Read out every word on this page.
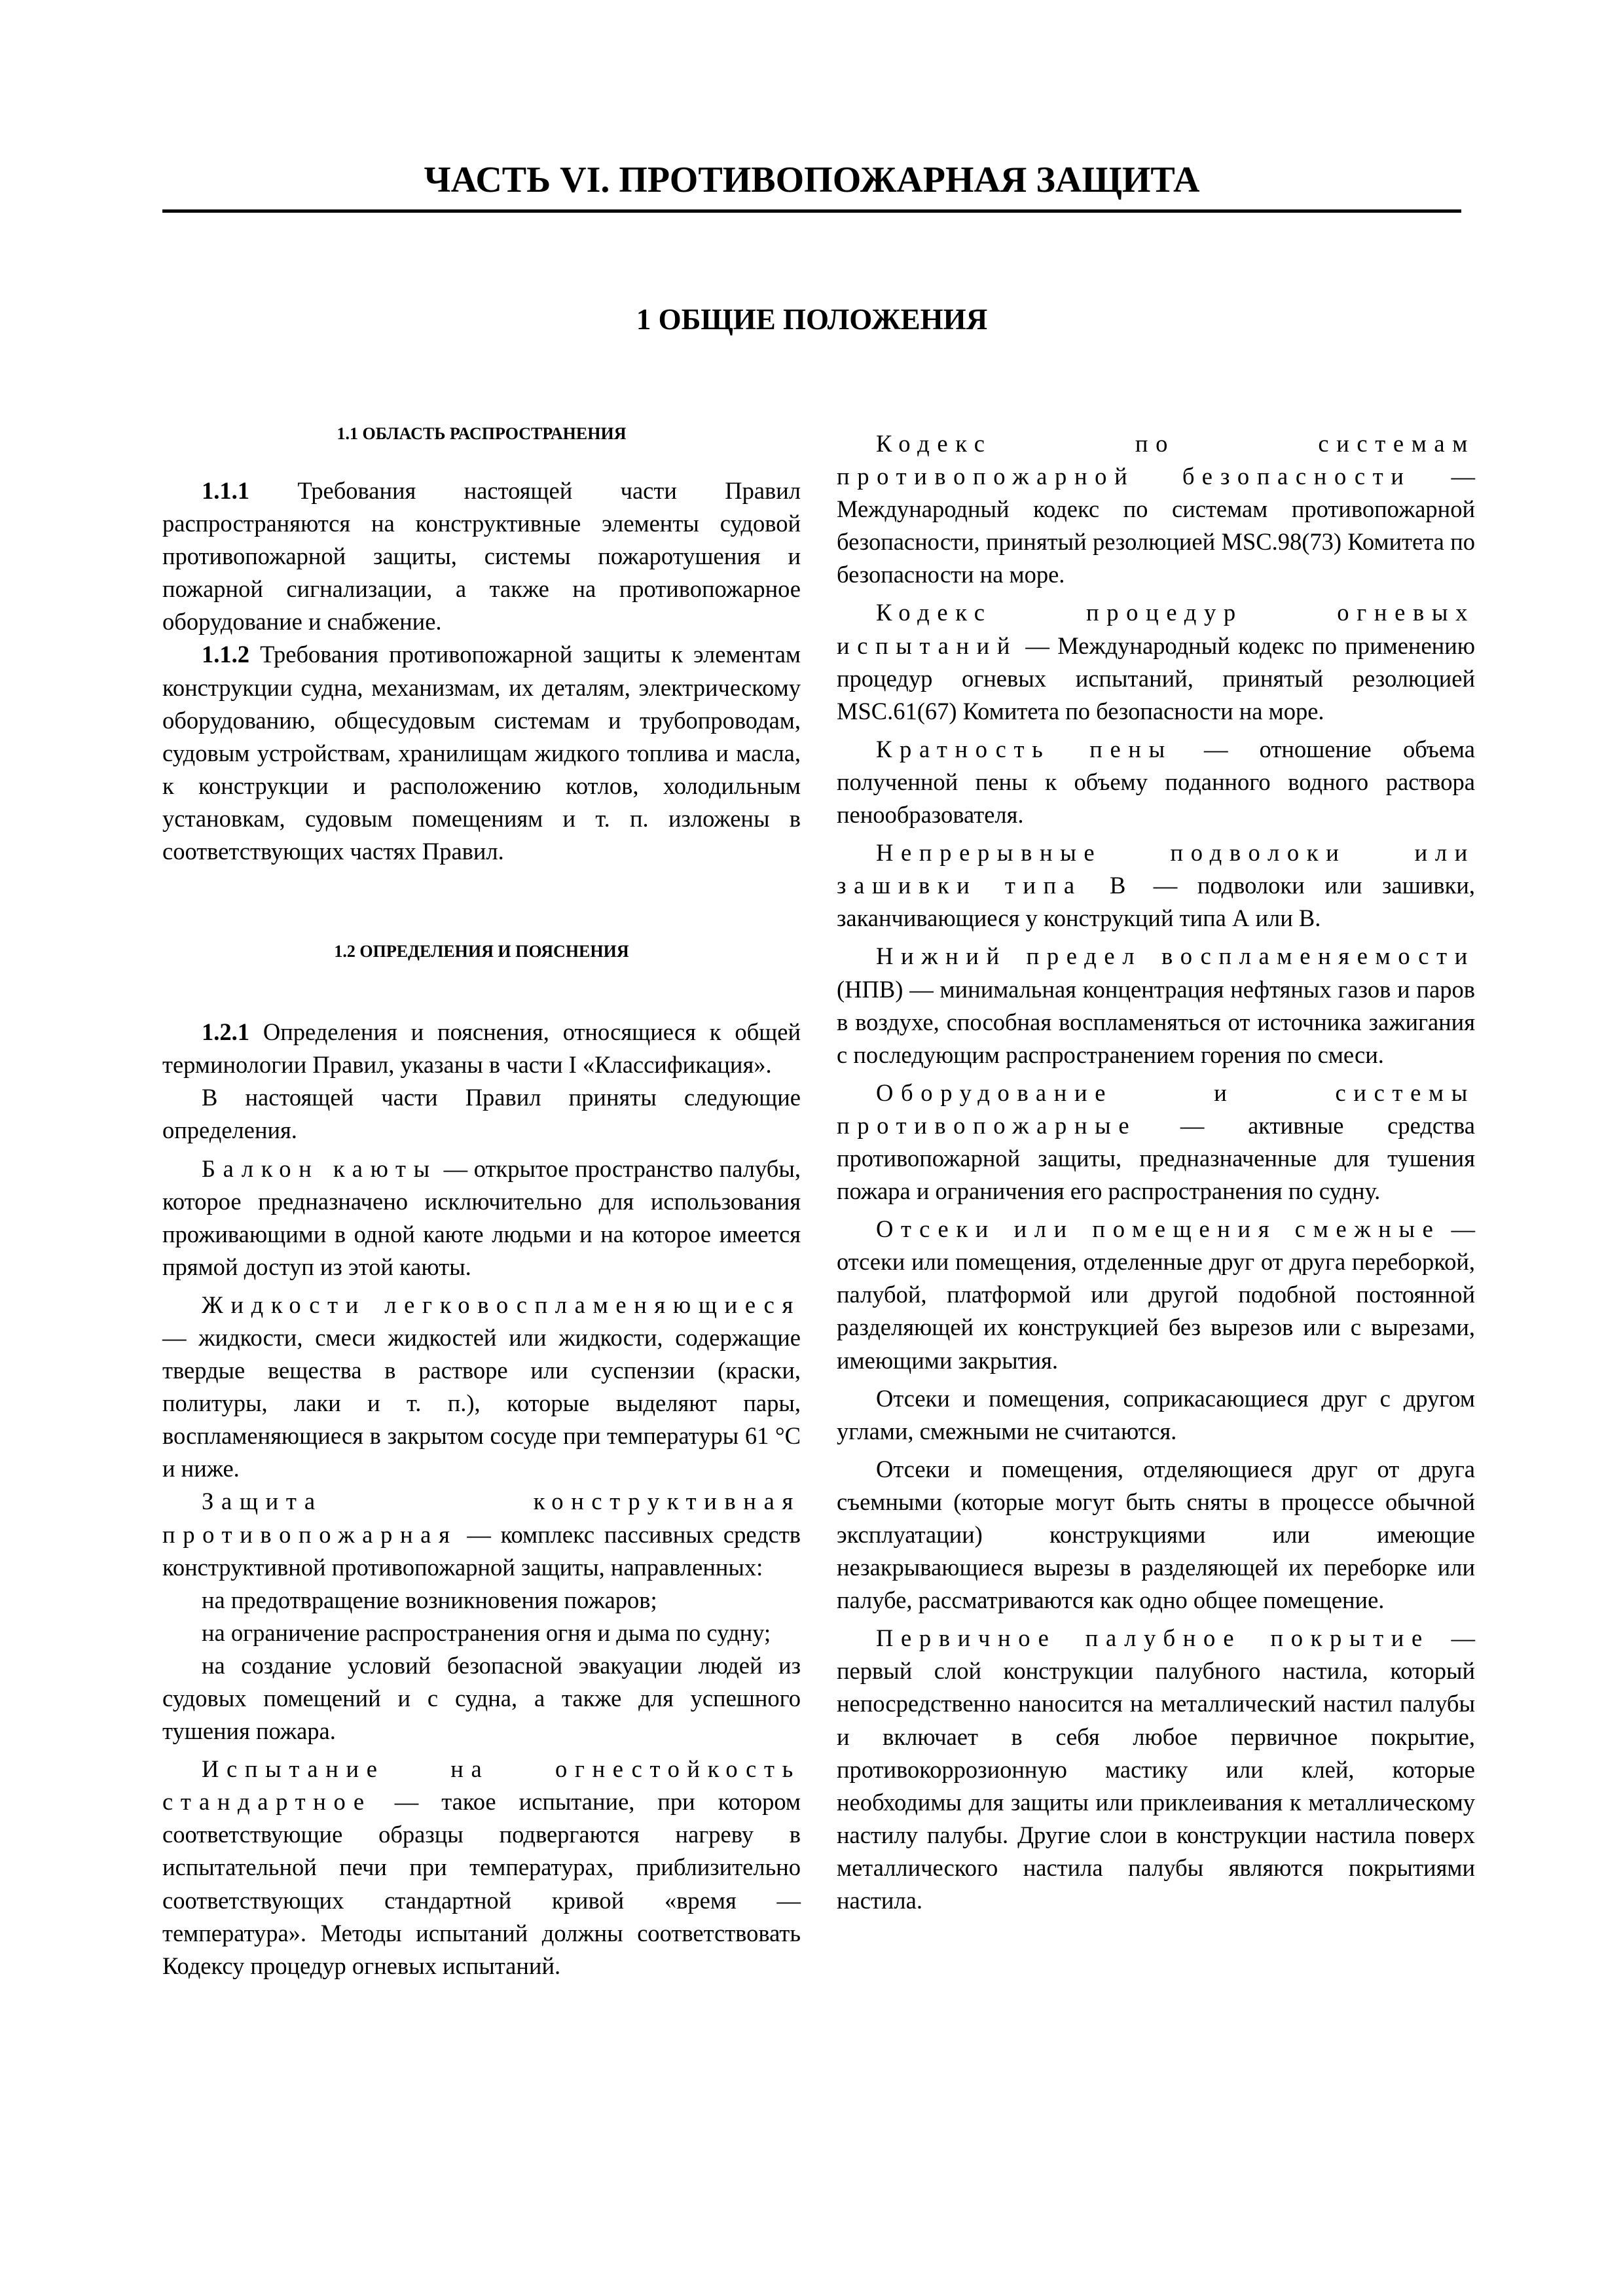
ЧАСТЬ VI. ПРОТИВОПОЖАРНАЯ ЗАЩИТА
1 ОБЩИЕ ПОЛОЖЕНИЯ
1.1 ОБЛАСТЬ РАСПРОСТРАНЕНИЯ

1.1.1 Требования настоящей части Правил распространяются на конструктивные элементы судовой противопожарной защиты, системы пожаротушения и пожарной сигнализации, а также на противопожарное оборудование и снабжение.

1.1.2 Требования противопожарной защиты к элементам конструкции судна, механизмам, их деталям, электрическому оборудованию, общесудовым системам и трубопроводам, судовым устройствам, хранилищам жидкого топлива и масла, к конструкции и расположению котлов, холодильным установкам, судовым помещениям и т. п. изложены в соответствующих частях Правил.

1.2 ОПРЕДЕЛЕНИЯ И ПОЯСНЕНИЯ

1.2.1 Определения и пояснения, относящиеся к общей терминологии Правил, указаны в части I «Классификация».

В настоящей части Правил приняты следующие определения.

Балкон каюты — открытое пространство палубы, которое предназначено исключительно для использования проживающими в одной каюте людьми и на которое имеется прямой доступ из этой каюты.

Жидкости легковоспламеняющиеся — жидкости, смеси жидкостей или жидкости, содержащие твердые вещества в растворе или суспензии (краски, политуры, лаки и т. п.), которые выделяют пары, воспламеняющиеся в закрытом сосуде при температуры 61 °C и ниже.

Защита конструктивная противопожарная — комплекс пассивных средств конструктивной противопожарной защиты, направленных:

на предотвращение возникновения пожаров;

на ограничение распространения огня и дыма по судну;

на создание условий безопасной эвакуации людей из судовых помещений и с судна, а также для успешного тушения пожара.

Испытание на огнестойкость стандартное — такое испытание, при котором соответствующие образцы подвергаются нагреву в испытательной печи при температурах, приблизительно соответствующих стандартной кривой «время — температура». Методы испытаний должны соответствовать Кодексу процедур огневых испытаний.

Кодекс по системам противопожарной безопасности — Международный кодекс по системам противопожарной безопасности, принятый резолюцией MSC.98(73) Комитета по безопасности на море.

Кодекс процедур огневых испытаний — Международный кодекс по применению процедур огневых испытаний, принятый резолюцией MSC.61(67) Комитета по безопасности на море.

Кратность пены — отношение объема полученной пены к объему поданного водного раствора пенообразователя.

Непрерывные подволоки или зашивки типа В — подволоки или зашивки, заканчивающиеся у конструкций типа А или В.

Нижний предел воспламеняемости (НПВ) — минимальная концентрация нефтяных газов и паров в воздухе, способная воспламеняться от источника зажигания с последующим распространением горения по смеси.

Оборудование и системы противопожарные — активные средства противопожарной защиты, предназначенные для тушения пожара и ограничения его распространения по судну.

Отсеки или помещения смежные — отсеки или помещения, отделенные друг от друга переборкой, палубой, платформой или другой подобной постоянной разделяющей их конструкцией без вырезов или с вырезами, имеющими закрытия.

Отсеки и помещения, соприкасающиеся друг с другом углами, смежными не считаются.

Отсеки и помещения, отделяющиеся друг от друга съемными (которые могут быть сняты в процессе обычной эксплуатации) конструкциями или имеющие незакрывающиеся вырезы в разделяющей их переборке или палубе, рассматриваются как одно общее помещение.

Первичное палубное покрытие — первый слой конструкции палубного настила, который непосредственно наносится на металлический настил палубы и включает в себя любое первичное покрытие, противокоррозионную мастику или клей, которые необходимы для защиты или приклеивания к металлическому настилу палубы. Другие слои в конструкции настила поверх металлического настила палубы являются покрытиями настила.
